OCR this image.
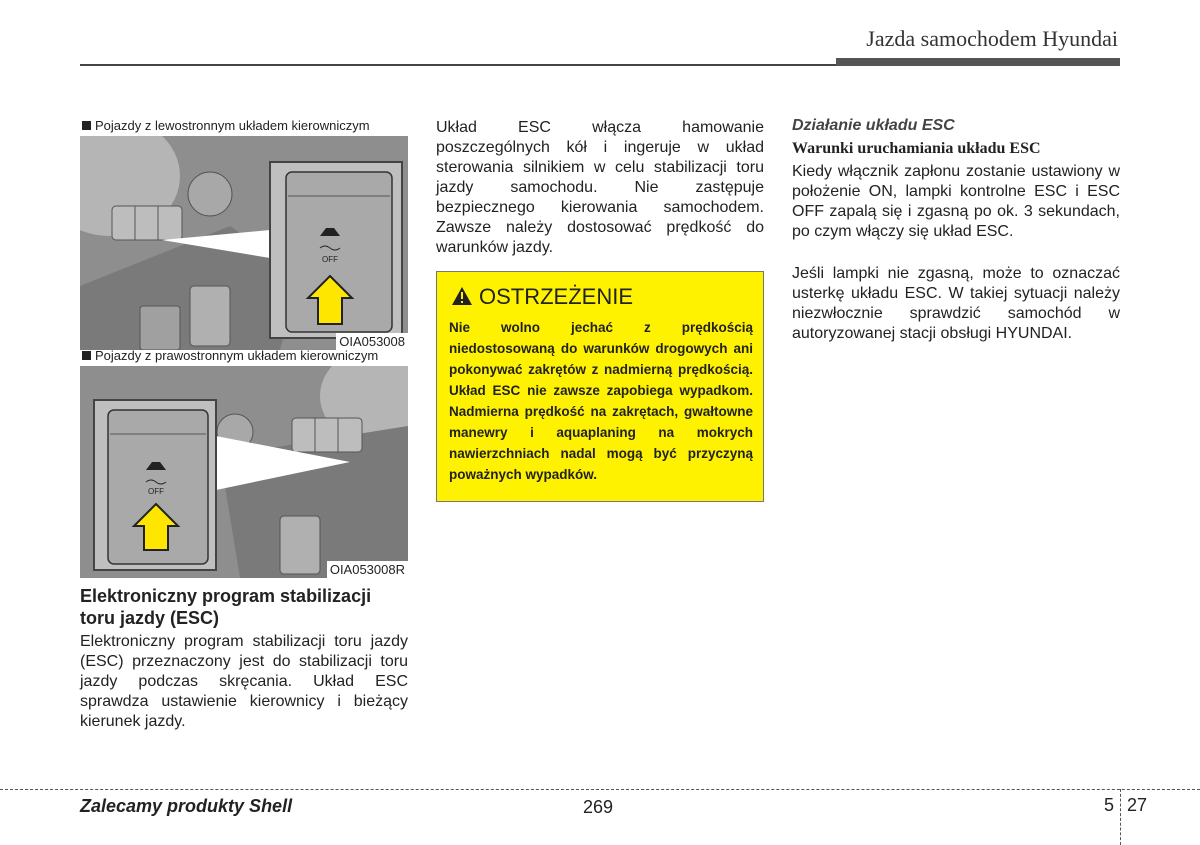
Jazda samochodem Hyundai
Pojazdy z lewostronnym układem kierowniczym
OFF
OIA053008
Pojazdy z prawostronnym układem kierowniczym
OFF
OIA053008R
Elektroniczny program stabilizacji toru jazdy (ESC)
Elektroniczny program stabilizacji toru jazdy (ESC) przeznaczony jest do stabilizacji toru jazdy podczas skręcania. Układ ESC sprawdza ustawienie kierownicy i bieżący kierunek jazdy.
Układ ESC włącza hamowanie poszczególnych kół i ingeruje w układ sterowania silnikiem w celu stabilizacji toru jazdy samochodu. Nie zastępuje bezpiecznego kierowania samochodem. Zawsze należy dostosować prędkość do warunków jazdy.
OSTRZEŻENIE
Nie wolno jechać z prędkością niedostosowaną do warunków drogowych ani pokonywać zakrętów z nadmierną prędkością. Układ ESC nie zawsze zapobiega wypadkom. Nadmierna prędkość na zakrętach, gwałtowne manewry i aquaplaning na mokrych nawierzchniach nadal mogą być przyczyną poważnych wypadków.
Działanie układu ESC
Warunki uruchamiania układu ESC
Kiedy włącznik zapłonu zostanie ustawiony w położenie ON, lampki kontrolne ESC i ESC OFF zapalą się i zgasną po ok. 3 sekundach, po czym włączy się układ ESC.
Jeśli lampki nie zgasną, może to oznaczać usterkę układu ESC. W takiej sytuacji należy niezwłocznie sprawdzić samochód w autoryzowanej stacji obsługi HYUNDAI.
Zalecamy produkty Shell	269	5 27
